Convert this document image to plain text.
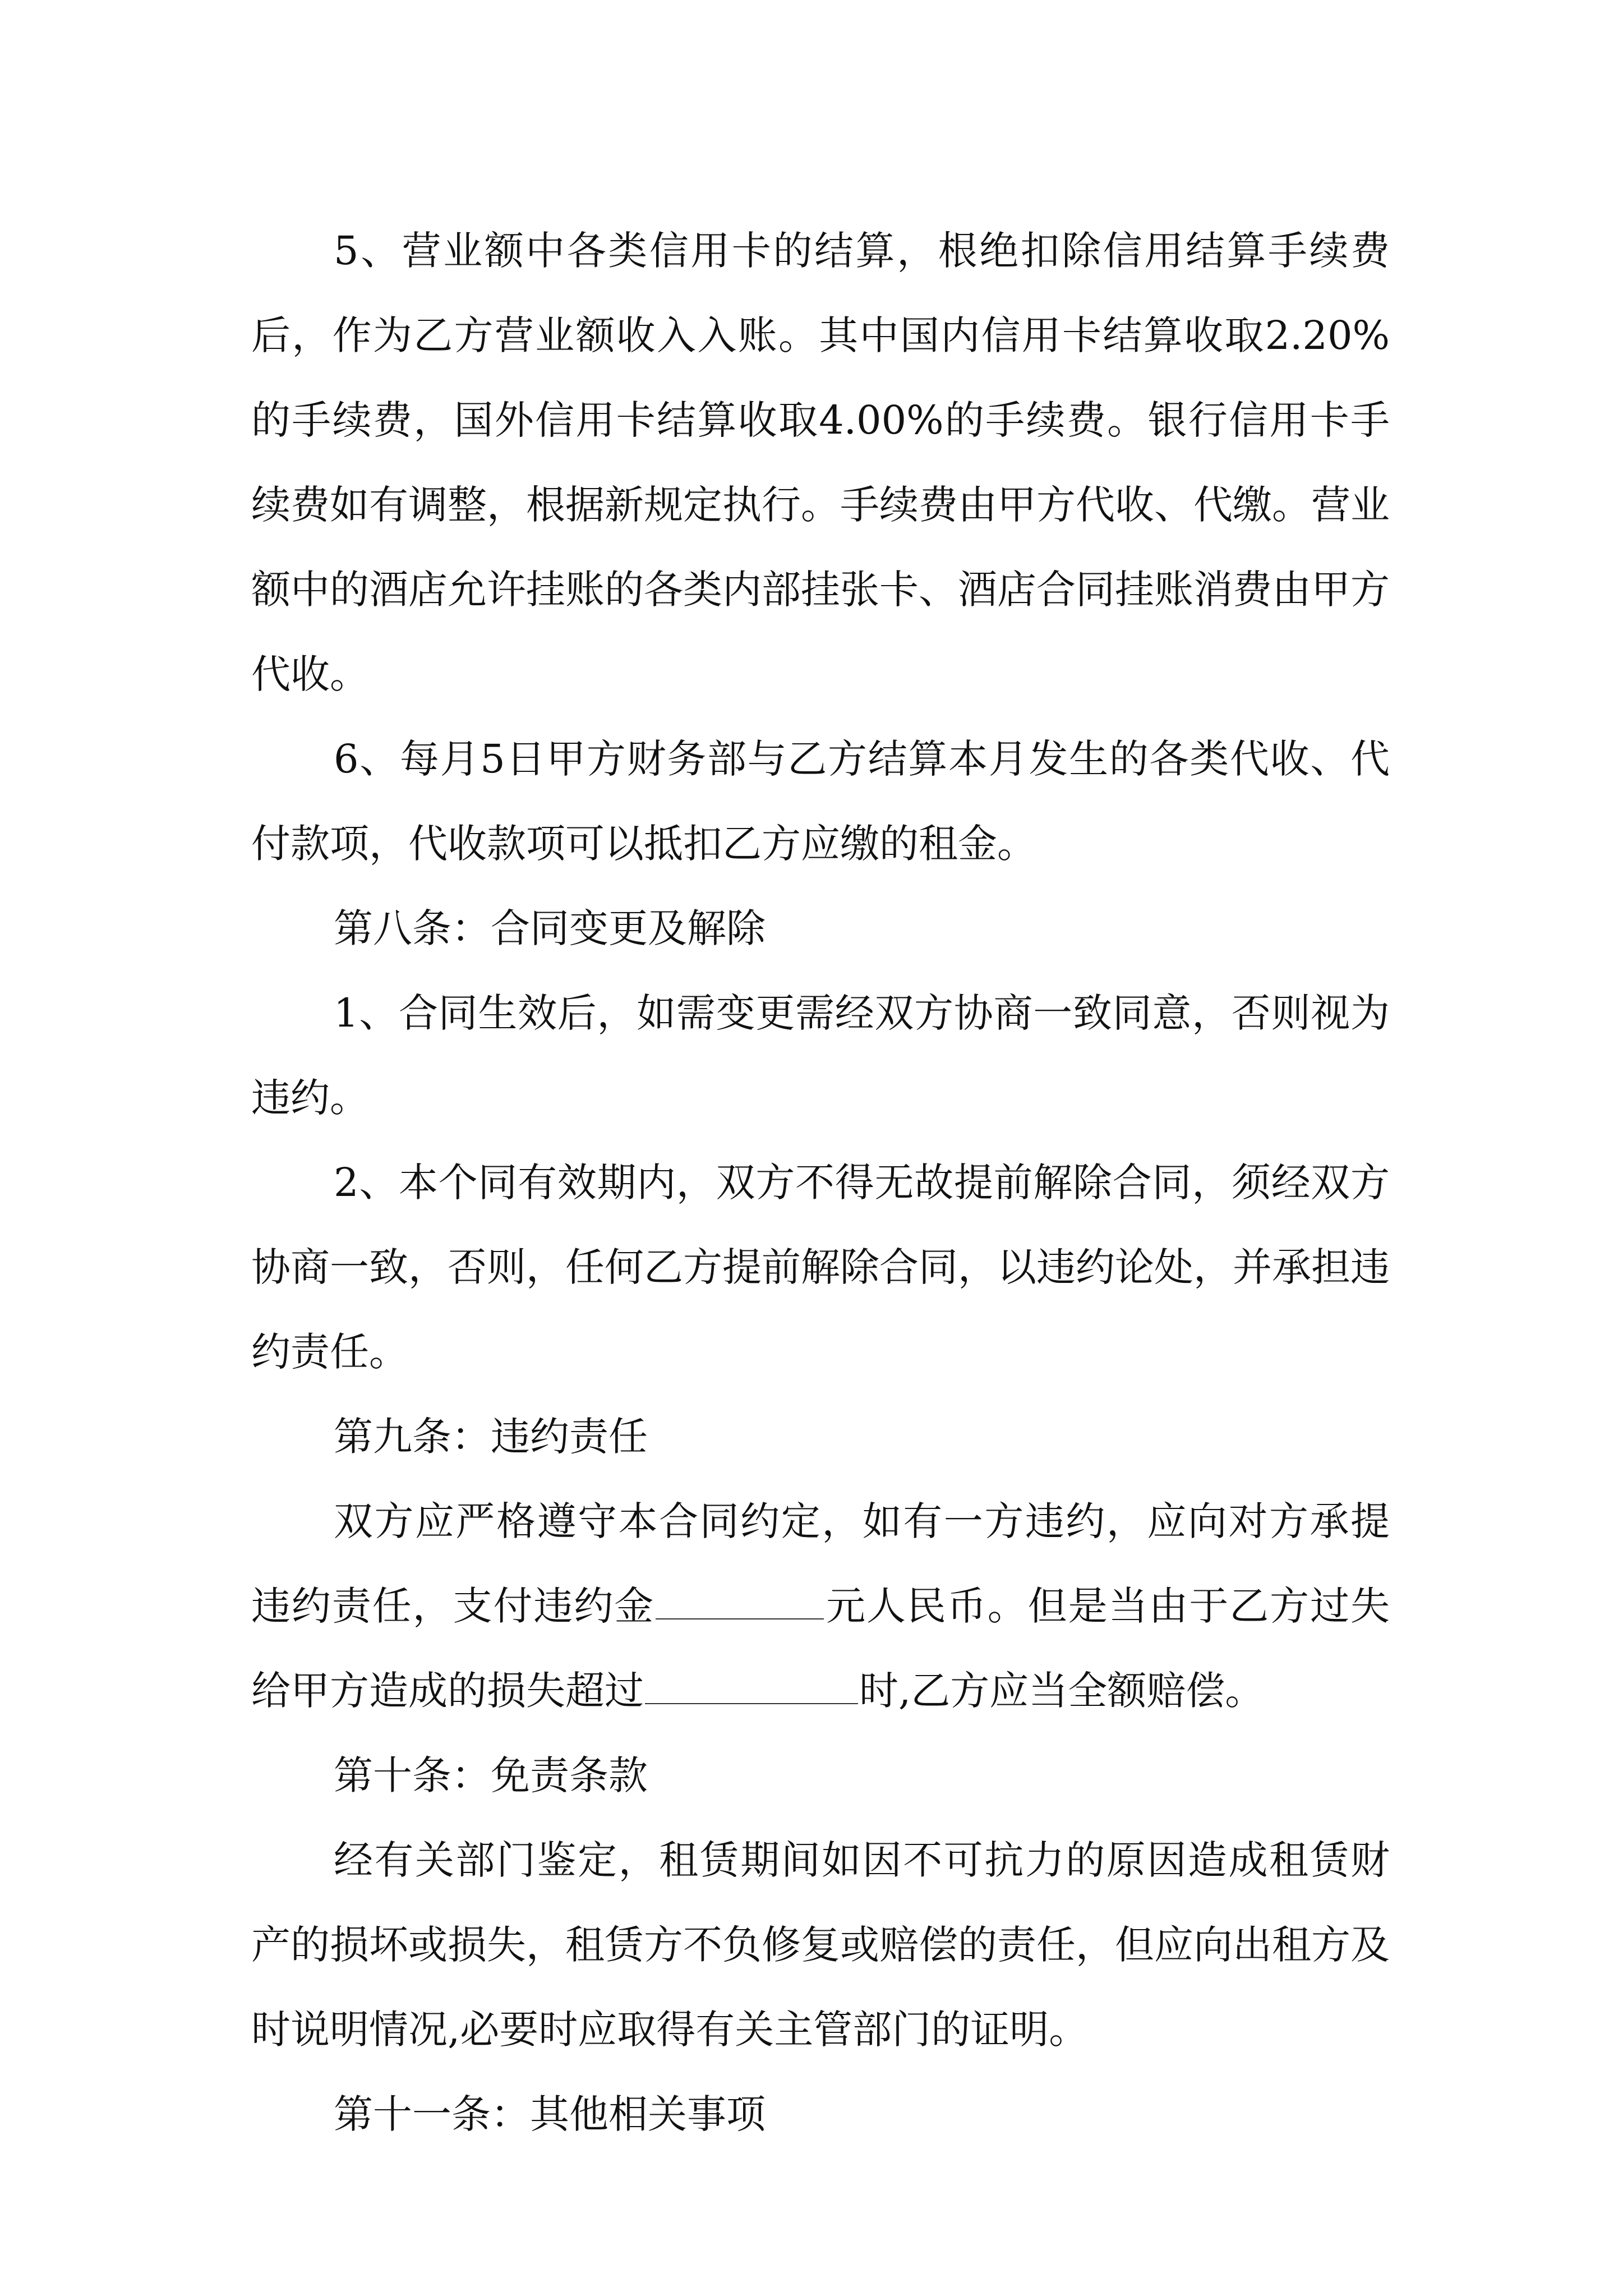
5、营业额中各类信用卡的结算，根绝扣除信用结算手续费后，作为乙方营业额收入入账。其中国内信用卡结算收取2.20%的手续费，国外信用卡结算收取4.00%的手续费。银行信用卡手续费如有调整，根据新规定执行。手续费由甲方代收、代缴。营业额中的酒店允许挂账的各类内部挂张卡、酒店合同挂账消费由甲方代收。

6、每月5日甲方财务部与乙方结算本月发生的各类代收、代付款项，代收款项可以抵扣乙方应缴的租金。

第八条：合同变更及解除

1、合同生效后，如需变更需经双方协商一致同意，否则视为违约。

2、本个同有效期内，双方不得无故提前解除合同，须经双方协商一致，否则，任何乙方提前解除合同，以违约论处，并承担违约责任。

第九条：违约责任

双方应严格遵守本合同约定，如有一方违约，应向对方承提违约责任，支付违约金	元人民币。但是当由于乙方过失给甲方造成的损失超过	时,乙方应当全额赔偿。

第十条：免责条款

经有关部门鉴定，租赁期间如因不可抗力的原因造成租赁财产的损坏或损失，租赁方不负修复或赔偿的责任，但应向出租方及时说明情况,必要时应取得有关主管部门的证明。

第十一条：其他相关事项
